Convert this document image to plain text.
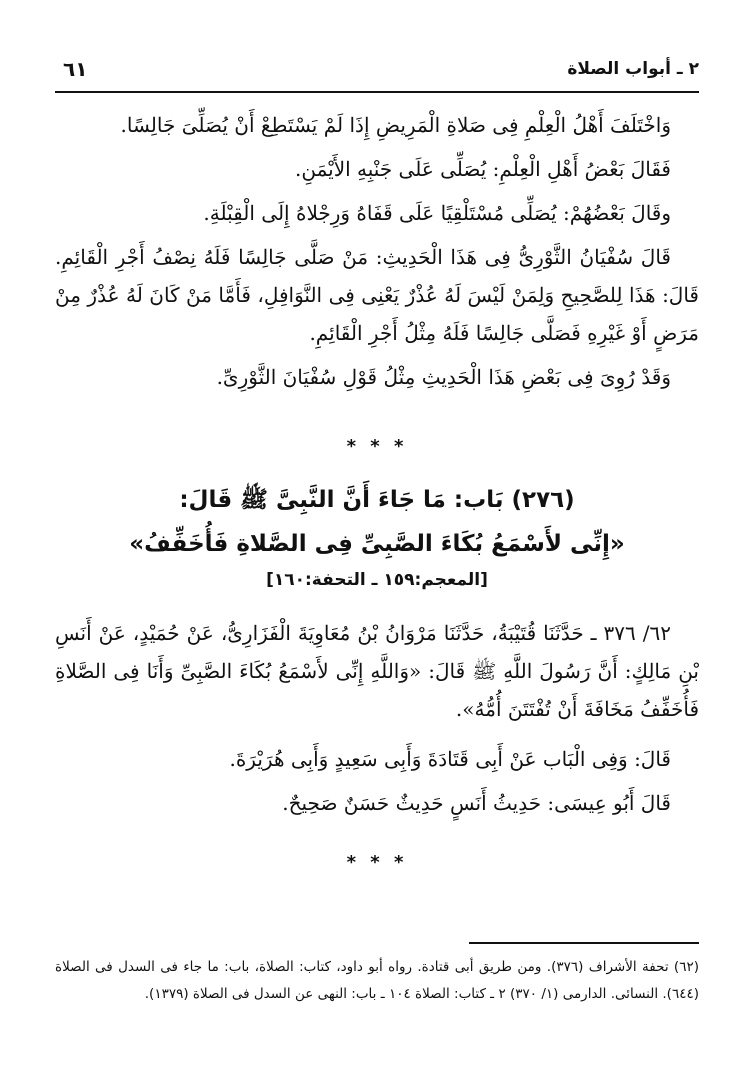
٢ ـ أبواب الصلاة
٦١

وَاخْتَلَفَ أَهْلُ الْعِلْمِ فِى صَلاةِ الْمَرِيضِ إِذَا لَمْ يَسْتَطِعْ أَنْ يُصَلِّىَ جَالِسًا.

فَقَالَ بَعْضُ أَهْلِ الْعِلْمِ: يُصَلِّى عَلَى جَنْبِهِ الأَيْمَنِ.

وقَالَ بَعْضُهُمْ: يُصَلِّى مُسْتَلْقِيًا عَلَى قَفَاهُ وَرِجْلاهُ إِلَى الْقِبْلَةِ.

قَالَ سُفْيَانُ الثَّوْرِىُّ فِى هَذَا الْحَدِيثِ: مَنْ صَلَّى جَالِسًا فَلَهُ نِصْفُ أَجْرِ الْقَائِمِ. قَالَ: هَذَا لِلصَّحِيحِ وَلِمَنْ لَيْسَ لَهُ عُذْرٌ يَعْنِى فِى النَّوَافِلِ، فَأَمَّا مَنْ كَانَ لَهُ عُذْرٌ مِنْ مَرَضٍ أَوْ غَيْرِهِ فَصَلَّى جَالِسًا فَلَهُ مِثْلُ أَجْرِ الْقَائِمِ.

وَقَدْ رُوِىَ فِى بَعْضِ هَذَا الْحَدِيثِ مِثْلُ قَوْلِ سُفْيَانَ الثَّوْرِىِّ.

* * *
(٢٧٦) بَاب: مَا جَاءَ أَنَّ النَّبِىَّ ﷺ قَالَ:
«إِنِّى لأَسْمَعُ بُكَاءَ الصَّبِىِّ فِى الصَّلاةِ فَأُخَفِّفُ»
[المعجم:١٥٩ ـ التحفة:١٦٠]

٦٢/ ٣٧٦ ـ حَدَّثَنَا قُتَيْبَةُ، حَدَّثَنَا مَرْوَانُ بْنُ مُعَاوِيَةَ الْفَزَارِىُّ، عَنْ حُمَيْدٍ، عَنْ أَنَسِ بْنِ مَالِكٍ: أَنَّ رَسُولَ اللَّهِ ﷺ قَالَ: «وَاللَّهِ إِنِّى لأَسْمَعُ بُكَاءَ الصَّبِىِّ وَأَنَا فِى الصَّلاةِ فَأُخَفِّفُ مَخَافَةَ أَنْ تُفْتَتَنَ أُمُّهُ».

قَالَ: وَفِى الْبَاب عَنْ أَبِى قَتَادَةَ وَأَبِى سَعِيدٍ وَأَبِى هُرَيْرَةَ.

قَالَ أَبُو عِيسَى: حَدِيثُ أَنَسٍ حَدِيثٌ حَسَنٌ صَحِيحٌ.

* * *

(٦٢) تحفة الأشراف (٣٧٦). ومن طريق أبى قتادة. رواه أبو داود، كتاب: الصلاة، باب: ما جاء فى السدل فى الصلاة (٦٤٤). النسائى. الدارمى (١/ ٣٧٠) ٢ ـ كتاب: الصلاة ١٠٤ ـ باب: النهى عن السدل فى الصلاة (١٣٧٩).
